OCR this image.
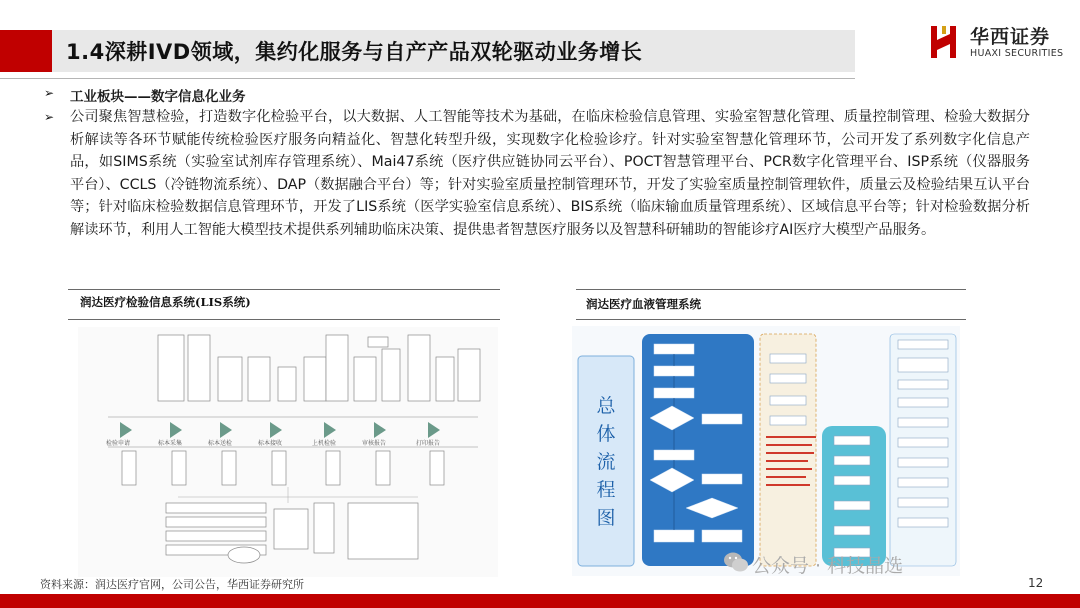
1.4深耕IVD领域，集约化服务与自产产品双轮驱动业务增长
华西证券
HUAXI SECURITIES
➢ 工业板块——数字信息化业务
➢ 公司聚焦智慧检验，打造数字化检验平台，以大数据、人工智能等技术为基础，在临床检验信息管理、实验室智慧化管理、质量控制管理、检验大数据分析解读等各环节赋能传统检验医疗服务向精益化、智慧化转型升级，实现数字化检验诊疗。针对实验室智慧化管理环节，公司开发了系列数字化信息产品，如SIMS系统（实验室试剂库存管理系统）、Mai47系统（医疗供应链协同云平台）、POCT智慧管理平台、PCR数字化管理平台、ISP系统（仪器服务平台）、CCLS（冷链物流系统）、DAP（数据融合平台）等；针对实验室质量控制管理环节，开发了实验室质量控制管理软件，质量云及检验结果互认平台等；针对临床检验数据信息管理环节，开发了LIS系统（医学实验室信息系统）、BIS系统（临床输血质量管理系统）、区域信息平台等；针对检验数据分析解读环节，利用人工智能大模型技术提供系列辅助临床决策、提供患者智慧医疗服务以及智慧科研辅助的智能诊疗AI医疗大模型产品服务。
润达医疗检验信息系统(LIS系统)
检验申请	标本采集	标本送检	标本接收	上机检验	审核报告	打印报告
润达医疗血液管理系统
总体流程图
公众号 · 科技晶选
资料来源：润达医疗官网，公司公告，华西证券研究所	12
